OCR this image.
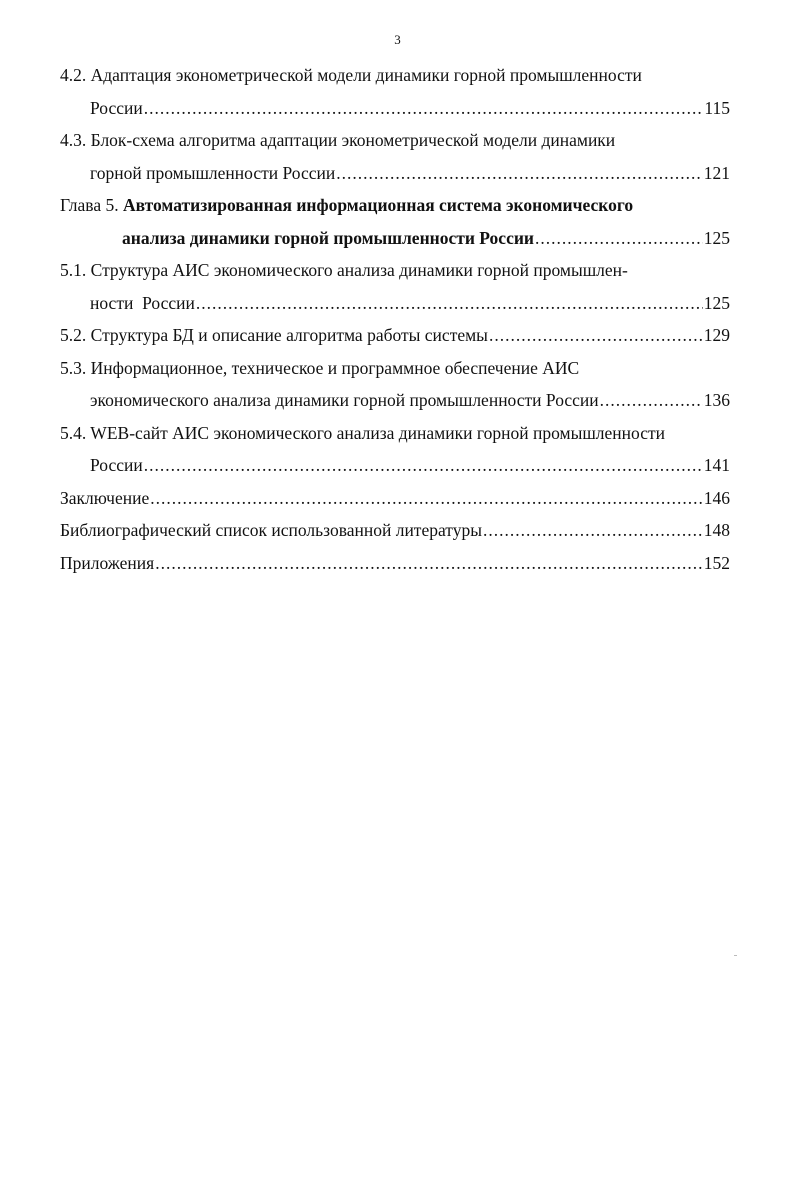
3
4.2. Адаптация эконометрической модели динамики горной промышленности
России .....	115
4.3. Блок-схема алгоритма адаптации эконометрической модели динамики
горной промышленности России .....	121
Глава 5. Автоматизированная информационная система экономического
анализа динамики горной промышленности России .....	125
5.1. Структура АИС экономического анализа динамики горной промышлен-
ности  России .....	125
5.2. Структура БД и описание алгоритма работы системы .....	129
5.3. Информационное, техническое и программное обеспечение АИС
экономического анализа динамики горной промышленности России .....	136
5.4. WEB-сайт АИС экономического анализа динамики горной промышленности
России .....	141
Заключение .....	146
Библиографический список использованной литературы .....	148
Приложения .....	152
